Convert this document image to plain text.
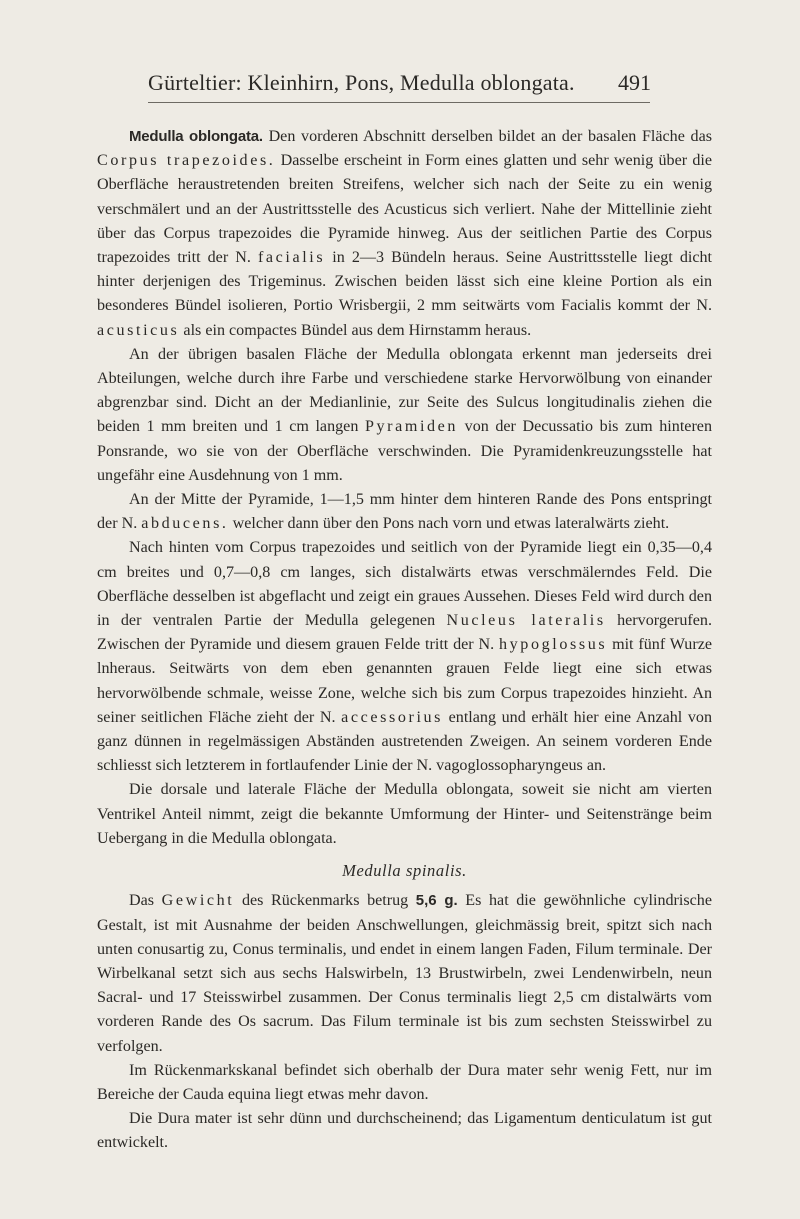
Gürteltier: Kleinhirn, Pons, Medulla oblongata. 491

Medulla oblongata. Den vorderen Abschnitt derselben bildet an der basalen Fläche das Corpus trapezoides. Dasselbe erscheint in Form eines glatten und sehr wenig über die Oberfläche heraustretenden breiten Streifens, welcher sich nach der Seite zu ein wenig verschmälert und an der Austrittsstelle des Acusticus sich verliert. Nahe der Mittellinie zieht über das Corpus trapezoides die Pyramide hinweg. Aus der seitlichen Partie des Corpus trapezoides tritt der N. facialis in 2—3 Bündeln heraus. Seine Austrittsstelle liegt dicht hinter derjenigen des Trigeminus. Zwischen beiden lässt sich eine kleine Portion als ein besonderes Bündel isolieren, Portio Wrisbergii, 2 mm seitwärts vom Facialis kommt der N. acusticus als ein compactes Bündel aus dem Hirnstamm heraus.

An der übrigen basalen Fläche der Medulla oblongata erkennt man jederseits drei Abteilungen, welche durch ihre Farbe und verschiedene starke Hervorwölbung von einander abgrenzbar sind. Dicht an der Medianlinie, zur Seite des Sulcus longitudinalis ziehen die beiden 1 mm breiten und 1 cm langen Pyramiden von der Decussatio bis zum hinteren Ponsrande, wo sie von der Oberfläche verschwinden. Die Pyramidenkreuzungsstelle hat ungefähr eine Ausdehnung von 1 mm.

An der Mitte der Pyramide, 1—1,5 mm hinter dem hinteren Rande des Pons entspringt der N. abducens. welcher dann über den Pons nach vorn und etwas lateralwärts zieht.

Nach hinten vom Corpus trapezoides und seitlich von der Pyramide liegt ein 0,35—0,4 cm breites und 0,7—0,8 cm langes, sich distalwärts etwas verschmälerndes Feld. Die Oberfläche desselben ist abgeflacht und zeigt ein graues Aussehen. Dieses Feld wird durch den in der ventralen Partie der Medulla gelegenen Nucleus lateralis hervorgerufen. Zwischen der Pyramide und diesem grauen Felde tritt der N. hypoglossus mit fünf Wurze lnheraus. Seitwärts von dem eben genannten grauen Felde liegt eine sich etwas hervorwölbende schmale, weisse Zone, welche sich bis zum Corpus trapezoides hinzieht. An seiner seitlichen Fläche zieht der N. accessorius entlang und erhält hier eine Anzahl von ganz dünnen in regelmässigen Abständen austretenden Zweigen. An seinem vorderen Ende schliesst sich letzterem in fortlaufender Linie der N. vagoglossopharyngeus an.

Die dorsale und laterale Fläche der Medulla oblongata, soweit sie nicht am vierten Ventrikel Anteil nimmt, zeigt die bekannte Umformung der Hinter- und Seitenstränge beim Uebergang in die Medulla oblongata.

Medulla spinalis.

Das Gewicht des Rückenmarks betrug 5,6 g. Es hat die gewöhnliche cylindrische Gestalt, ist mit Ausnahme der beiden Anschwellungen, gleichmässig breit, spitzt sich nach unten conusartig zu, Conus terminalis, und endet in einem langen Faden, Filum terminale. Der Wirbelkanal setzt sich aus sechs Halswirbeln, 13 Brustwirbeln, zwei Lendenwirbeln, neun Sacral- und 17 Steisswirbel zusammen. Der Conus terminalis liegt 2,5 cm distalwärts vom vorderen Rande des Os sacrum. Das Filum terminale ist bis zum sechsten Steisswirbel zu verfolgen.

Im Rückenmarkskanal befindet sich oberhalb der Dura mater sehr wenig Fett, nur im Bereiche der Cauda equina liegt etwas mehr davon.

Die Dura mater ist sehr dünn und durchscheinend; das Ligamentum denticulatum ist gut entwickelt.
